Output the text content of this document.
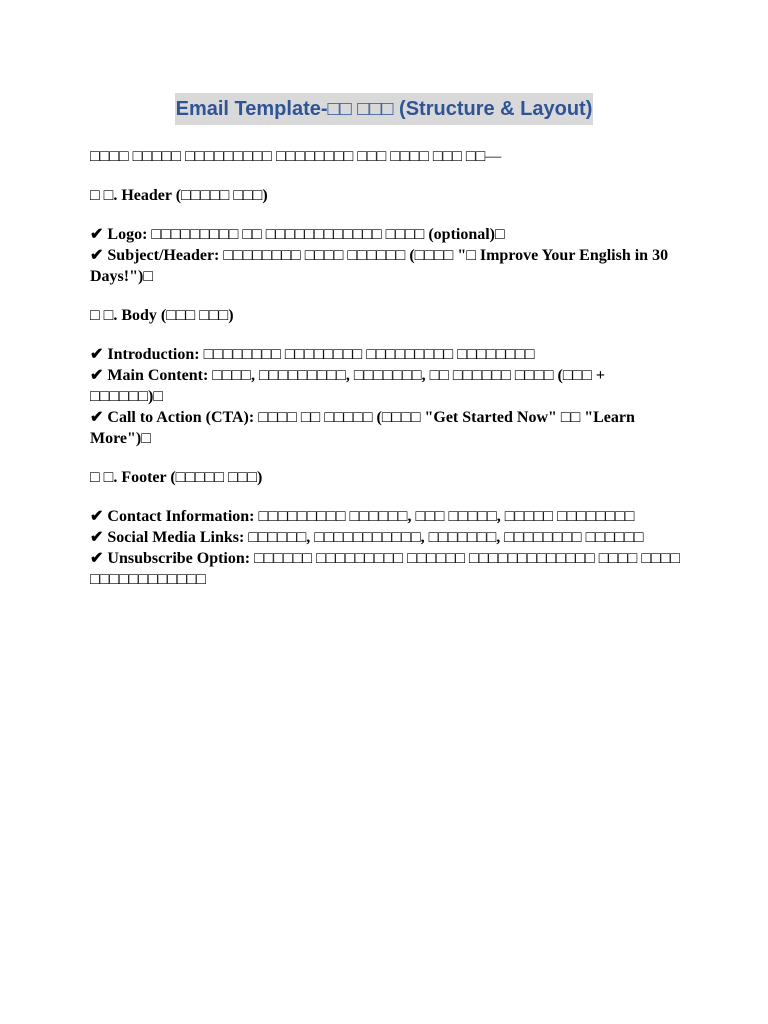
Email Template-□□ □□□ (Structure & Layout)
□□□□ □□□□□ □□□□□□□□□ □□□□□□□□ □□□ □□□□ □□□ □□—
□ □. Header (□□□□□ □□□)
✔ Logo: □□□□□□□□□ □□ □□□□□□□□□□□□ □□□□ (optional)□
✔ Subject/Header: □□□□□□□□ □□□□ □□□□□□ (□□□□ "□ Improve Your English in 30 Days!")□
□ □. Body (□□□ □□□)
✔ Introduction: □□□□□□□□ □□□□□□□□ □□□□□□□□□ □□□□□□□□
✔ Main Content: □□□□, □□□□□□□□□, □□□□□□□, □□ □□□□□□ □□□□ (□□□ + □□□□□□)□
✔ Call to Action (CTA): □□□□ □□ □□□□□ (□□□□ "Get Started Now" □□ "Learn More")□
□ □. Footer (□□□□□ □□□)
✔ Contact Information: □□□□□□□□□ □□□□□□, □□□ □□□□□, □□□□□ □□□□□□□□
✔ Social Media Links: □□□□□□, □□□□□□□□□□□, □□□□□□□, □□□□□□□□ □□□□□□
✔ Unsubscribe Option: □□□□□□ □□□□□□□□□ □□□□□□ □□□□□□□□□□□□□ □□□□ □□□□ □□□□□□□□□□□□
